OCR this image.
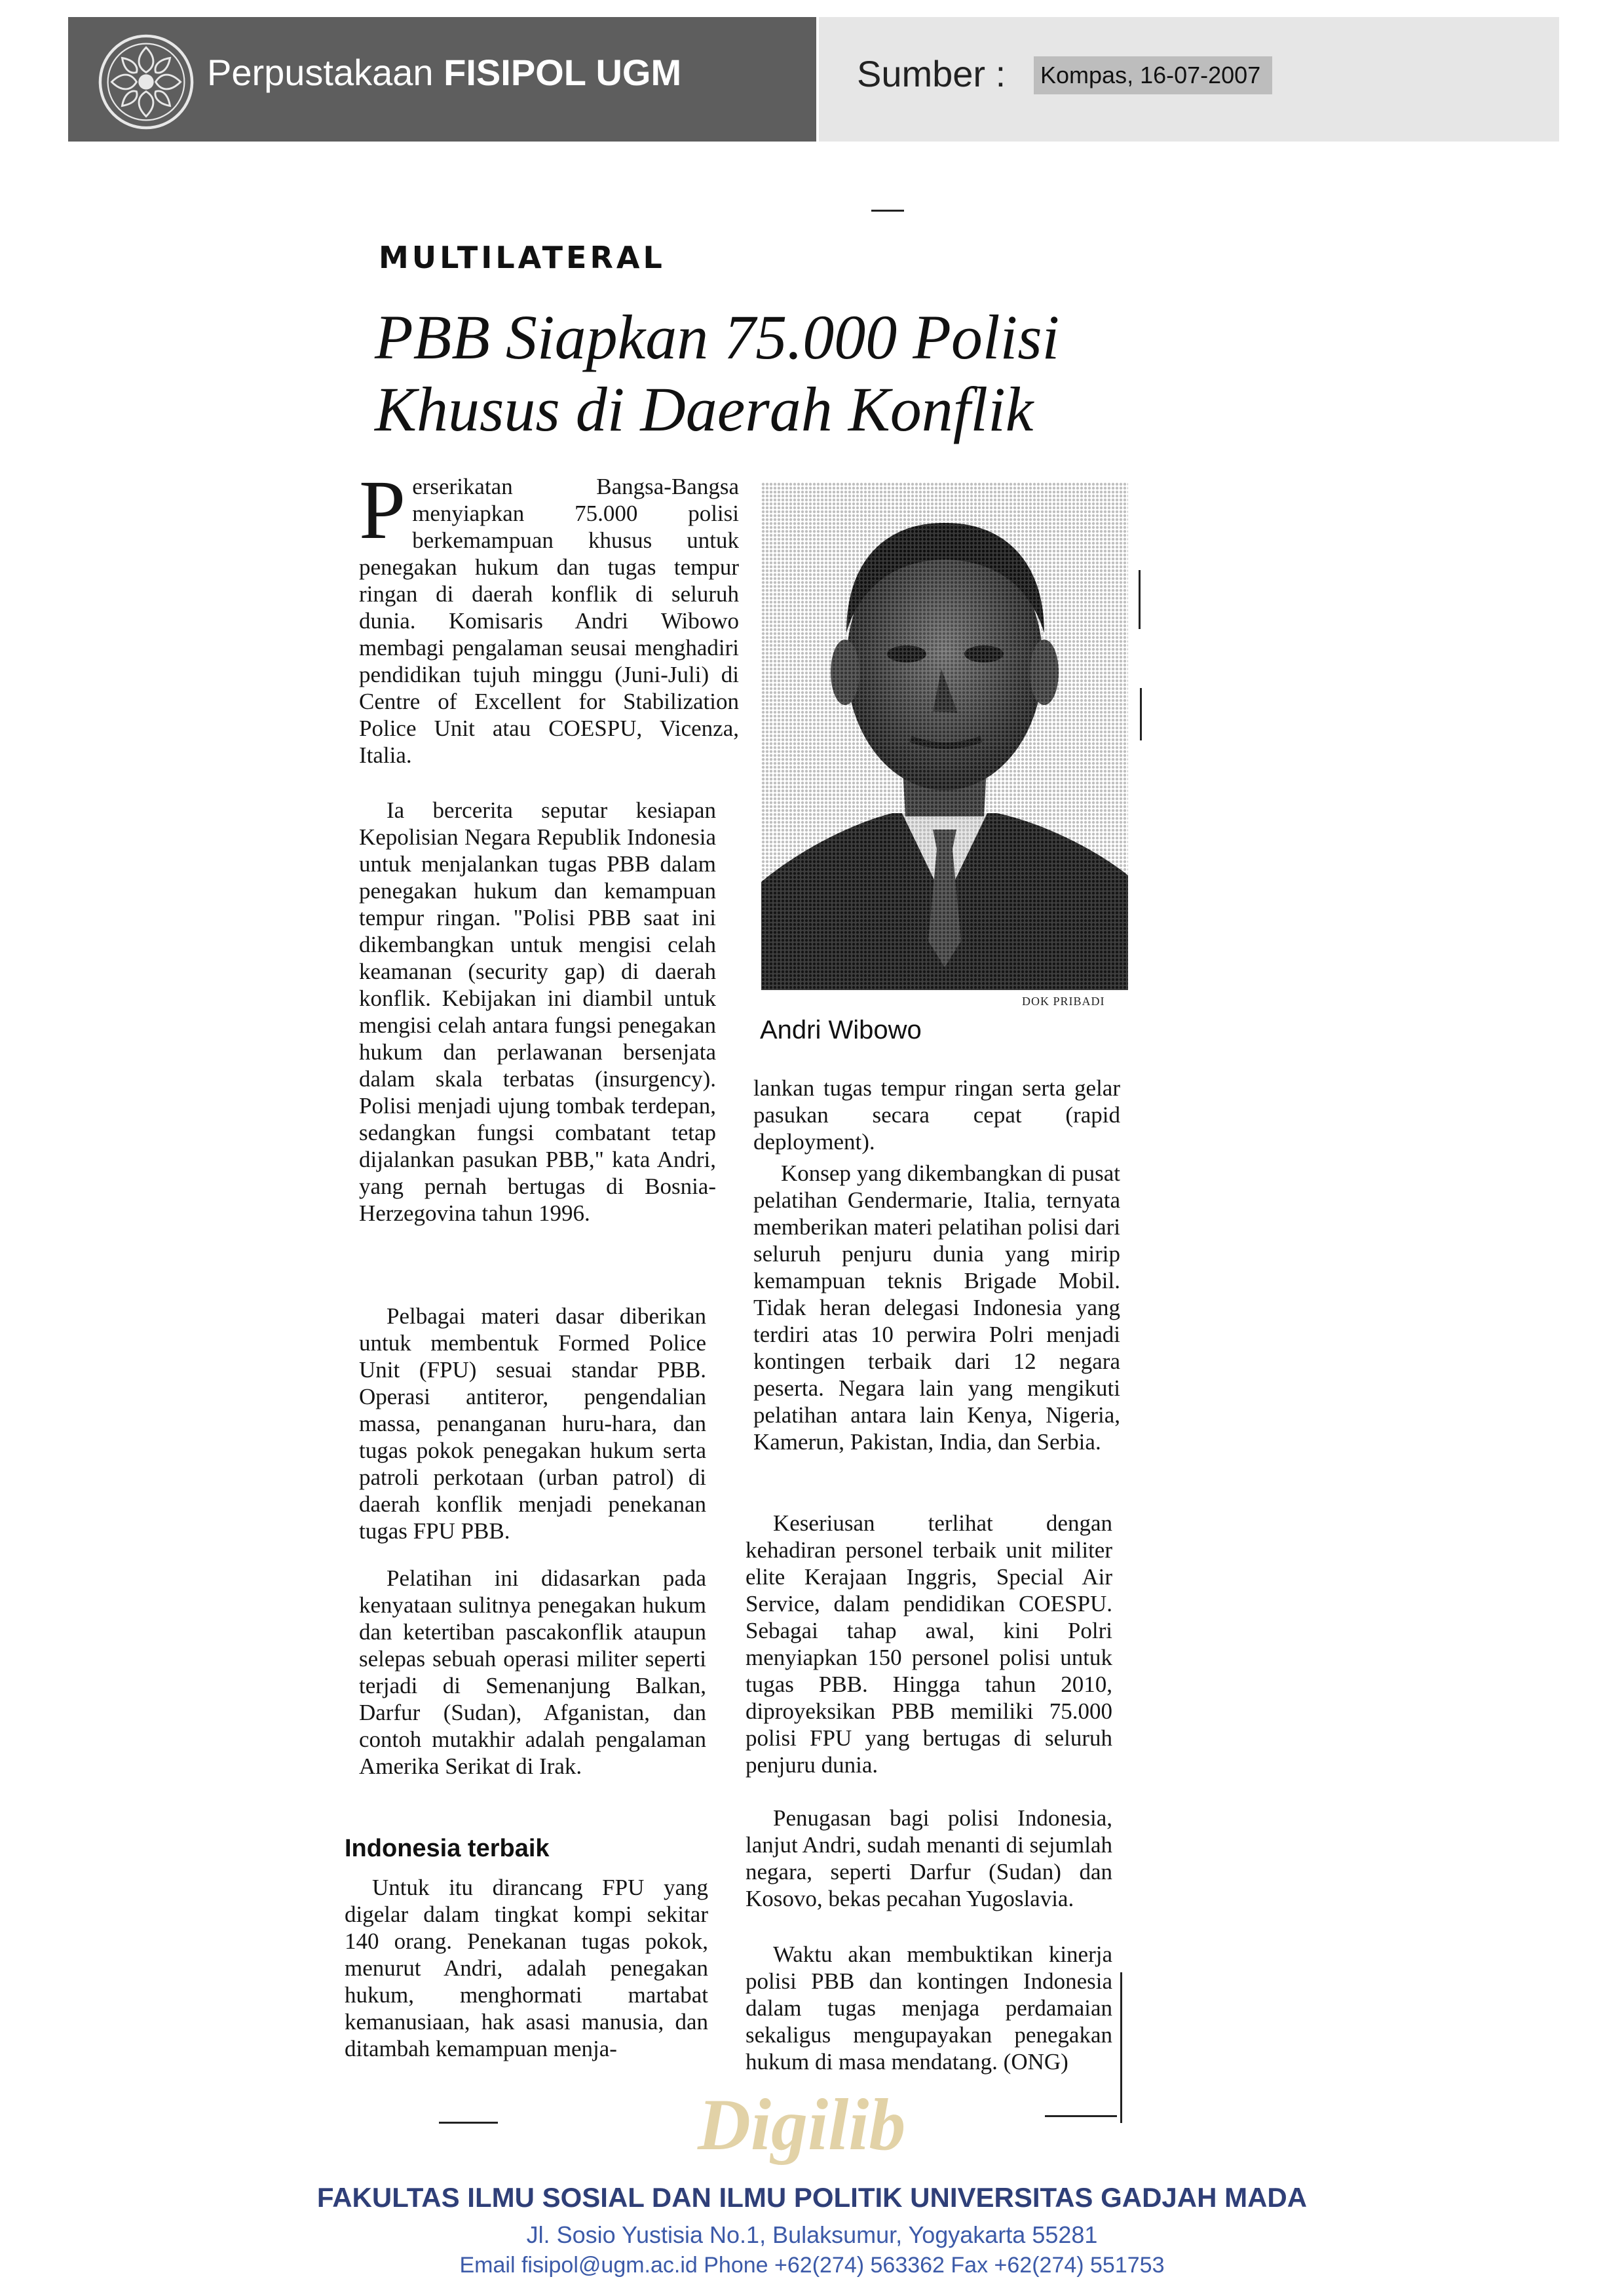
Perpustakaan FISIPOL UGM	Sumber : Kompas, 16-07-2007
MULTILATERAL
PBB Siapkan 75.000 Polisi
Khusus di Daerah Konflik

Perserikatan Bangsa-Bangsa menyiapkan 75.000 polisi berkemampuan khusus untuk penegakan hukum dan tugas tempur ringan di daerah konflik di seluruh dunia. Komisaris Andri Wibowo membagi pengalaman seusai menghadiri pendidikan tujuh minggu (Juni-Juli) di Centre of Excellent for Stabilization Police Unit atau COESPU, Vicenza, Italia.

Ia bercerita seputar kesiapan Kepolisian Negara Republik Indonesia untuk menjalankan tugas PBB dalam penegakan hukum dan kemampuan tempur ringan. "Polisi PBB saat ini dikembangkan untuk mengisi celah keamanan (security gap) di daerah konflik. Kebijakan ini diambil untuk mengisi celah antara fungsi penegakan hukum dan perlawanan bersenjata dalam skala terbatas (insurgency). Polisi menjadi ujung tombak terdepan, sedangkan fungsi combatant tetap dijalankan pasukan PBB," kata Andri, yang pernah bertugas di Bosnia-Herzegovina tahun 1996.

Pelbagai materi dasar diberikan untuk membentuk Formed Police Unit (FPU) sesuai standar PBB. Operasi antiteror, pengendalian massa, penanganan huru-hara, dan tugas pokok penegakan hukum serta patroli perkotaan (urban patrol) di daerah konflik menjadi penekanan tugas FPU PBB.

Pelatihan ini didasarkan pada kenyataan sulitnya penegakan hukum dan ketertiban pascakonflik ataupun selepas sebuah operasi militer seperti terjadi di Semenanjung Balkan, Darfur (Sudan), Afganistan, dan contoh mutakhir adalah pengalaman Amerika Serikat di Irak.

Indonesia terbaik

Untuk itu dirancang FPU yang digelar dalam tingkat kompi sekitar 140 orang. Penekanan tugas pokok, menurut Andri, adalah penegakan hukum, menghormati martabat kemanusiaan, hak asasi manusia, dan ditambah kemampuan menja-

DOK PRIBADI
Andri Wibowo

lankan tugas tempur ringan serta gelar pasukan secara cepat (rapid deployment).

Konsep yang dikembangkan di pusat pelatihan Gendermarie, Italia, ternyata memberikan materi pelatihan polisi dari seluruh penjuru dunia yang mirip kemampuan teknis Brigade Mobil. Tidak heran delegasi Indonesia yang terdiri atas 10 perwira Polri menjadi kontingen terbaik dari 12 negara peserta. Negara lain yang mengikuti pelatihan antara lain Kenya, Nigeria, Kamerun, Pakistan, India, dan Serbia.

Keseriusan terlihat dengan kehadiran personel terbaik unit militer elite Kerajaan Inggris, Special Air Service, dalam pendidikan COESPU. Sebagai tahap awal, kini Polri menyiapkan 150 personel polisi untuk tugas PBB. Hingga tahun 2010, diproyeksikan PBB memiliki 75.000 polisi FPU yang bertugas di seluruh penjuru dunia.

Penugasan bagi polisi Indonesia, lanjut Andri, sudah menanti di sejumlah negara, seperti Darfur (Sudan) dan Kosovo, bekas pecahan Yugoslavia.

Waktu akan membuktikan kinerja polisi PBB dan kontingen Indonesia dalam tugas menjaga perdamaian sekaligus mengupayakan penegakan hukum di masa mendatang. (ONG)

Digilib
FAKULTAS ILMU SOSIAL DAN ILMU POLITIK UNIVERSITAS GADJAH MADA
Jl. Sosio Yustisia No.1, Bulaksumur, Yogyakarta 55281
Email fisipol@ugm.ac.id Phone +62(274) 563362 Fax +62(274) 551753
